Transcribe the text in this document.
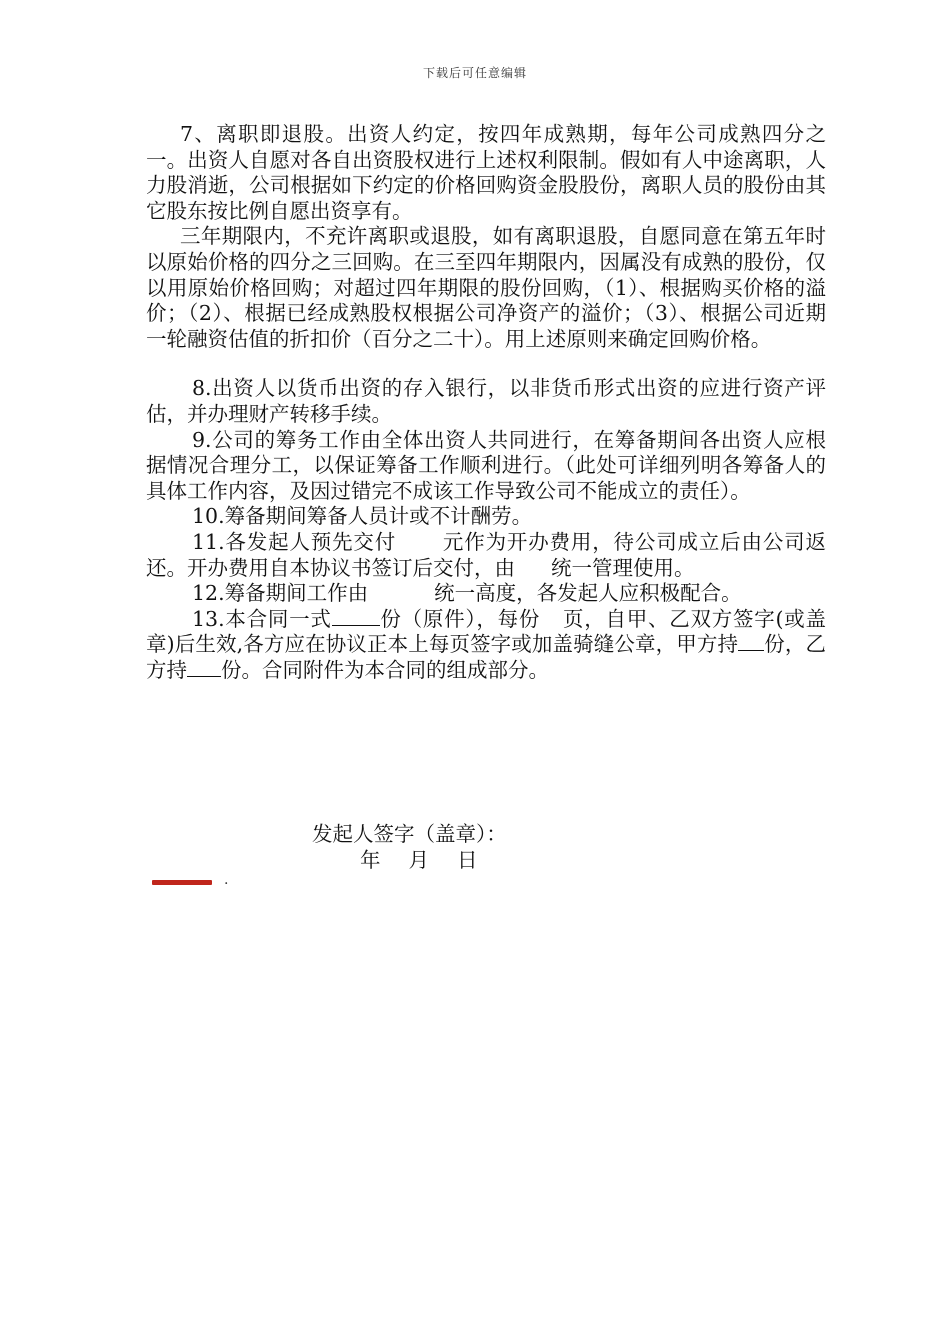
下载后可任意编辑

7、离职即退股。出资人约定，按四年成熟期，每年公司成熟四分之一。出资人自愿对各自出资股权进行上述权利限制。假如有人中途离职，人力股消逝，公司根据如下约定的价格回购资金股股份，离职人员的股份由其它股东按比例自愿出资享有。

三年期限内，不充许离职或退股，如有离职退股，自愿同意在第五年时以原始价格的四分之三回购。在三至四年期限内，因属没有成熟的股份，仅以用原始价格回购；对超过四年期限的股份回购，（1）、根据购买价格的溢价；（2）、根据已经成熟股权根据公司净资产的溢价；（3）、根据公司近期一轮融资估值的折扣价（百分之二十）。用上述原则来确定回购价格。

8.出资人以货币出资的存入银行，以非货币形式出资的应进行资产评估，并办理财产转移手续。

9.公司的筹务工作由全体出资人共同进行，在筹备期间各出资人应根据情况合理分工，以保证筹备工作顺利进行。（此处可详细列明各筹备人的具体工作内容，及因过错完不成该工作导致公司不能成立的责任）。

10.筹备期间筹备人员计或不计酬劳。

11.各发起人预先交付 元作为开办费用，待公司成立后由公司返还。开办费用自本协议书签订后交付，由 统一管理使用。

12.筹备期间工作由	统一高度，各发起人应积极配合。

13.本合同一式 份（原件），每份 页，自甲、乙双方签字(或盖章)后生效,各方应在协议正本上每页签字或加盖骑缝公章，甲方持 份，乙方持 份。合同附件为本合同的组成部分。

发起人签字（盖章）：
年 月 日
.
